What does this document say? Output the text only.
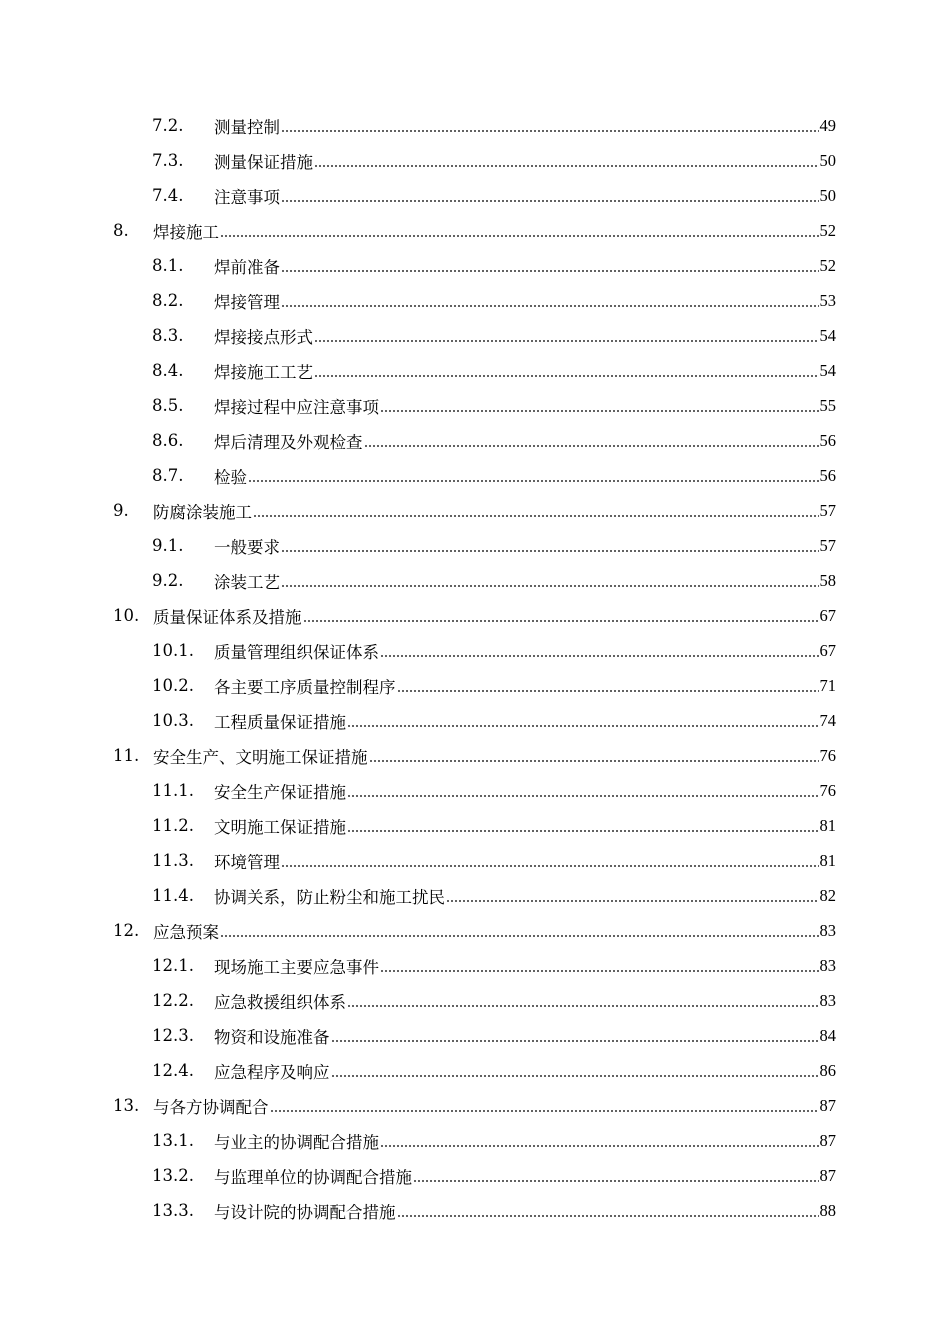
7.2.	测量控制	49
7.3.	测量保证措施	50
7.4.	注意事项	50
8.	焊接施工	52
8.1.	焊前准备	52
8.2.	焊接管理	53
8.3.	焊接接点形式	54
8.4.	焊接施工工艺	54
8.5.	焊接过程中应注意事项	55
8.6.	焊后清理及外观检查	56
8.7.	检验	56
9.	防腐涂装施工	57
9.1.	一般要求	57
9.2.	涂装工艺	58
10. 质量保证体系及措施	67
10.1.	质量管理组织保证体系	67
10.2.	各主要工序质量控制程序	71
10.3.	工程质量保证措施	74
11. 安全生产、文明施工保证措施	76
11.1.	安全生产保证措施	76
11.2.	文明施工保证措施	81
11.3.	环境管理	81
11.4.	协调关系，防止粉尘和施工扰民	82
12. 应急预案	83
12.1.	现场施工主要应急事件	83
12.2.	应急救援组织体系	83
12.3.	物资和设施准备	84
12.4.	应急程序及响应	86
13. 与各方协调配合	87
13.1.	与业主的协调配合措施	87
13.2.	与监理单位的协调配合措施	87
13.3.	与设计院的协调配合措施	88
